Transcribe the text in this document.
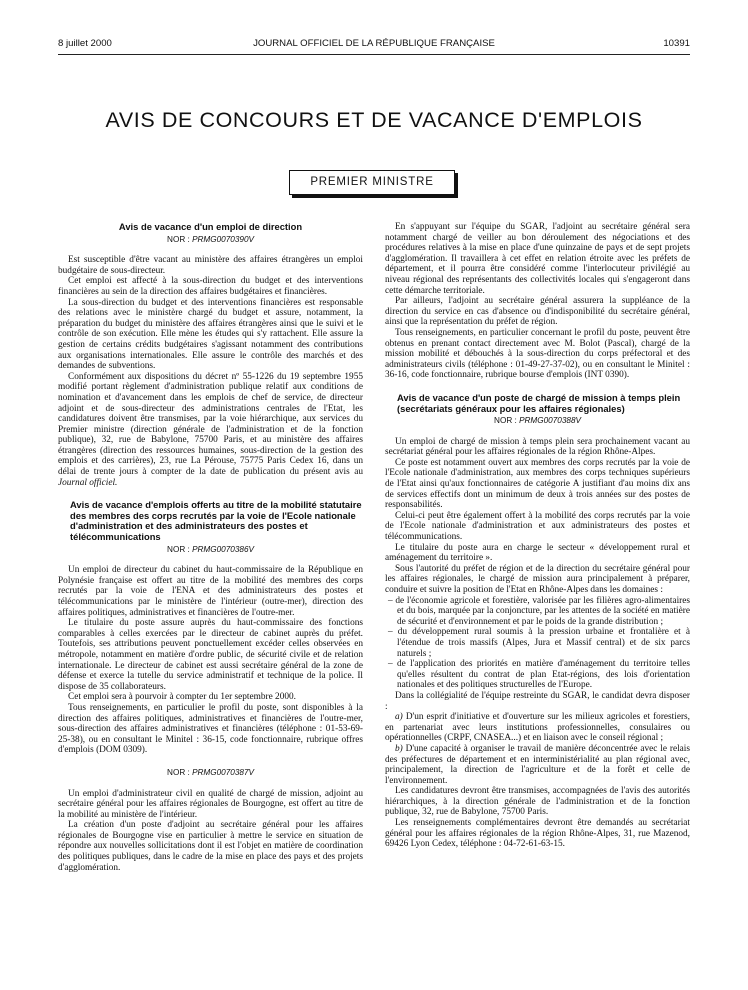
8 juillet 2000	JOURNAL OFFICIEL DE LA RÉPUBLIQUE FRANÇAISE	10391
AVIS DE CONCOURS ET DE VACANCE D'EMPLOIS
PREMIER MINISTRE
Avis de vacance d'un emploi de direction
NOR : PRMG0070390V

Est susceptible d'être vacant au ministère des affaires étrangères un emploi budgétaire de sous-directeur.

Cet emploi est affecté à la sous-direction du budget et des interventions financières au sein de la direction des affaires budgétaires et financières.

La sous-direction du budget et des interventions financières est responsable des relations avec le ministère chargé du budget et assure, notamment, la préparation du budget du ministère des affaires étrangères ainsi que le suivi et le contrôle de son exécution. Elle mène les études qui s'y rattachent. Elle assure la gestion de certains crédits budgétaires s'agissant notamment des contributions aux organisations internationales. Elle assure le contrôle des marchés et des demandes de subventions.

Conformément aux dispositions du décret nº 55-1226 du 19 septembre 1955 modifié portant règlement d'administration publique relatif aux conditions de nomination et d'avancement dans les emplois de chef de service, de directeur adjoint et de sous-directeur des administrations centrales de l'Etat, les candidatures doivent être transmises, par la voie hiérarchique, aux services du Premier ministre (direction générale de l'administration et de la fonction publique), 32, rue de Babylone, 75700 Paris, et au ministère des affaires étrangères (direction des ressources humaines, sous-direction de la gestion des emplois et des carrières), 23, rue La Pérouse, 75775 Paris Cedex 16, dans un délai de trente jours à compter de la date de publication du présent avis au Journal officiel.

Avis de vacance d'emplois offerts au titre de la mobilité statutaire des membres des corps recrutés par la voie de l'Ecole nationale d'administration et des administrateurs des postes et télécommunications
NOR : PRMG0070386V

Un emploi de directeur du cabinet du haut-commissaire de la République en Polynésie française est offert au titre de la mobilité des membres des corps recrutés par la voie de l'ENA et des administrateurs des postes et télécommunications par le ministère de l'intérieur (outre-mer), direction des affaires politiques, administratives et financières de l'outre-mer.

Le titulaire du poste assure auprès du haut-commissaire des fonctions comparables à celles exercées par le directeur de cabinet auprès du préfet. Toutefois, ses attributions peuvent ponctuellement excéder celles observées en métropole, notamment en matière d'ordre public, de sécurité civile et de relation internationale. Le directeur de cabinet est aussi secrétaire général de la zone de défense et exerce la tutelle du service administratif et technique de la police. Il dispose de 35 collaborateurs.

Cet emploi sera à pourvoir à compter du 1er septembre 2000.

Tous renseignements, en particulier le profil du poste, sont disponibles à la direction des affaires politiques, administratives et financières de l'outre-mer, sous-direction des affaires administratives et financières (téléphone : 01-53-69-25-38), ou en consultant le Minitel : 36-15, code fonctionnaire, rubrique offres d'emplois (DOM 0309).

NOR : PRMG0070387V

Un emploi d'administrateur civil en qualité de chargé de mission, adjoint au secrétaire général pour les affaires régionales de Bourgogne, est offert au titre de la mobilité au ministère de l'intérieur.

La création d'un poste d'adjoint au secrétaire général pour les affaires régionales de Bourgogne vise en particulier à mettre le service en situation de répondre aux nouvelles sollicitations dont il est l'objet en matière de coordination des politiques publiques, dans le cadre de la mise en place des pays et des projets d'agglomération.

En s'appuyant sur l'équipe du SGAR, l'adjoint au secrétaire général sera notamment chargé de veiller au bon déroulement des négociations et des procédures relatives à la mise en place d'une quinzaine de pays et de sept projets d'agglomération. Il travaillera à cet effet en relation étroite avec les préfets de département, et il pourra être considéré comme l'interlocuteur privilégié au niveau régional des représentants des collectivités locales qui s'engageront dans cette démarche territoriale.

Par ailleurs, l'adjoint au secrétaire général assurera la suppléance de la direction du service en cas d'absence ou d'indisponibilité du secrétaire général, ainsi que la représentation du préfet de région.

Tous renseignements, en particulier concernant le profil du poste, peuvent être obtenus en prenant contact directement avec M. Bolot (Pascal), chargé de la mission mobilité et débouchés à la sous-direction du corps préfectoral et des administrateurs civils (téléphone : 01-49-27-37-02), ou en consultant le Minitel : 36-16, code fonctionnaire, rubrique bourse d'emplois (INT 0390).

Avis de vacance d'un poste de chargé de mission à temps plein (secrétariats généraux pour les affaires régionales)
NOR : PRMG0070388V

Un emploi de chargé de mission à temps plein sera prochainement vacant au secrétariat général pour les affaires régionales de la région Rhône-Alpes.

Ce poste est notamment ouvert aux membres des corps recrutés par la voie de l'Ecole nationale d'administration, aux membres des corps techniques supérieurs de l'Etat ainsi qu'aux fonctionnaires de catégorie A justifiant d'au moins dix ans de services effectifs dont un minimum de deux à trois années sur des postes de responsabilités.

Celui-ci peut être également offert à la mobilité des corps recrutés par la voie de l'Ecole nationale d'administration et aux administrateurs des postes et télécommunications.

Le titulaire du poste aura en charge le secteur « développement rural et aménagement du territoire ».

Sous l'autorité du préfet de région et de la direction du secrétaire général pour les affaires régionales, le chargé de mission aura principalement à préparer, conduire et suivre la position de l'Etat en Rhône-Alpes dans les domaines :

– de l'économie agricole et forestière, valorisée par les filières agro-alimentaires et du bois, marquée par la conjoncture, par les attentes de la société en matière de sécurité et d'environnement et par le poids de la grande distribution ;
– du développement rural soumis à la pression urbaine et frontalière et à l'étendue de trois massifs (Alpes, Jura et Massif central) et de six parcs naturels ;
– de l'application des priorités en matière d'aménagement du territoire telles qu'elles résultent du contrat de plan Etat-régions, des lois d'orientation nationales et des politiques structurelles de l'Europe.

Dans la collégialité de l'équipe restreinte du SGAR, le candidat devra disposer :

a) D'un esprit d'initiative et d'ouverture sur les milieux agricoles et forestiers, en partenariat avec leurs institutions professionnelles, consulaires ou opérationnelles (CRPF, CNASEA...) et en liaison avec le conseil régional ;

b) D'une capacité à organiser le travail de manière déconcentrée avec le relais des préfectures de département et en interministérialité au plan régional avec, principalement, la direction de l'agriculture et de la forêt et celle de l'environnement.

Les candidatures devront être transmises, accompagnées de l'avis des autorités hiérarchiques, à la direction générale de l'administration et de la fonction publique, 32, rue de Babylone, 75700 Paris.

Les renseignements complémentaires devront être demandés au secrétariat général pour les affaires régionales de la région Rhône-Alpes, 31, rue Mazenod, 69426 Lyon Cedex, téléphone : 04-72-61-63-15.
